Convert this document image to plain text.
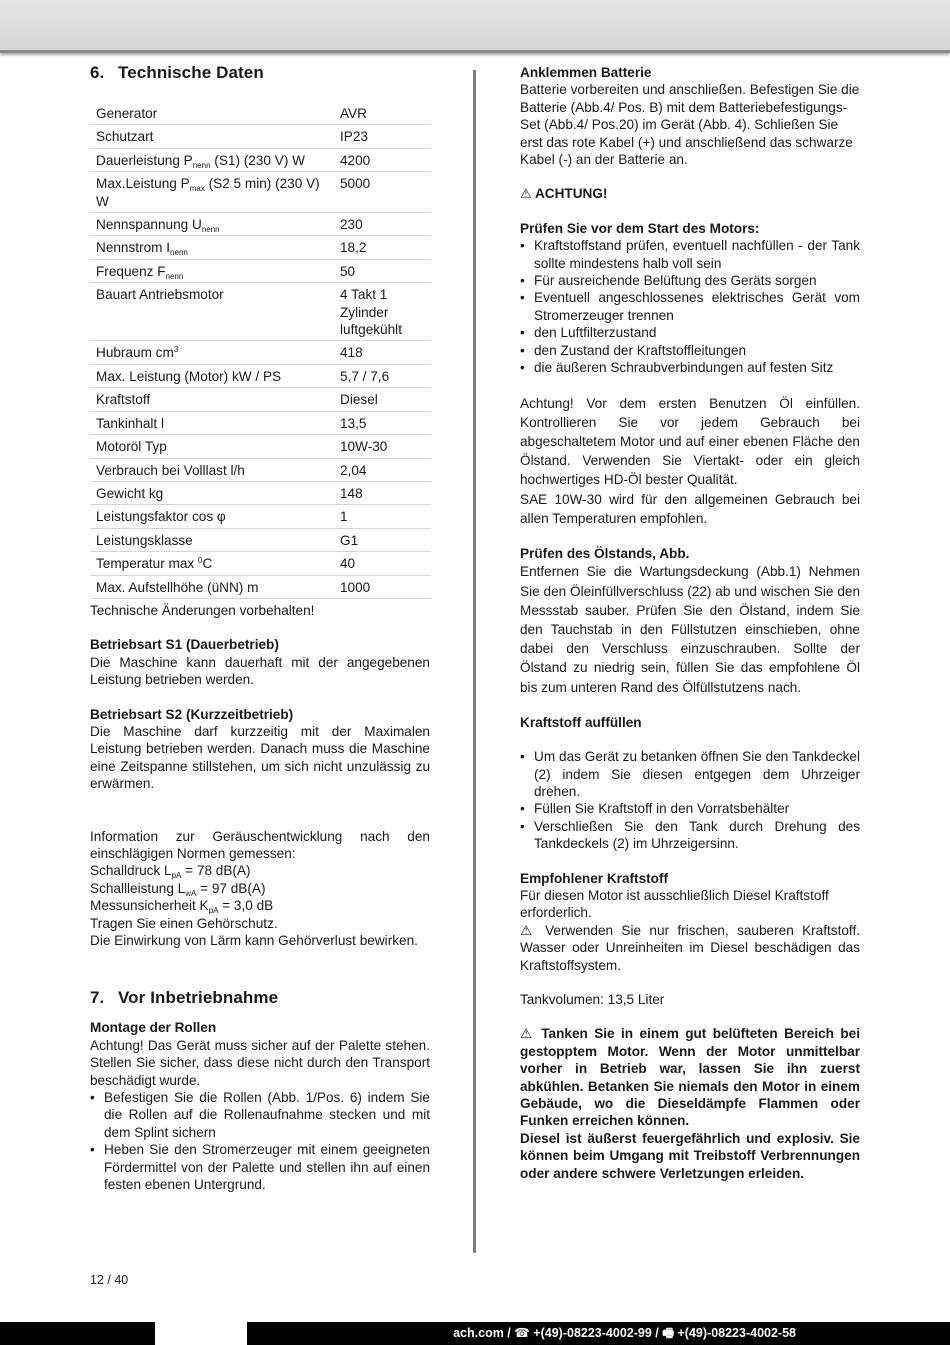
6. Technische Daten
Generator	AVR
Schutzart	IP23
Dauerleistung $P_{nenn}$ (S1) (230 V) W	4200
Max.Leistung $P_{max}$ (S2 5 min) (230 V) W	5000
Nennspannung $U_{nenn}$	230
Nennstrom $I_{nenn}$	18,2
Frequenz $F_{nenn}$	50
Bauart Antriebsmotor	4 Takt 1 Zylinder luftgekühlt
Hubraum $cm^3$	418
Max. Leistung (Motor) kW / PS	5,7 / 7,6
Kraftstoff	Diesel
Tankinhalt l	13,5
Motoröl Typ	10W-30
Verbrauch bei Volllast l/h	2,04
Gewicht kg	148
Leistungsfaktor cos φ	1
Leistungsklasse	G1
Temperatur max $^0$C	40
Max. Aufstellhöhe (üNN) m	1000

Technische Änderungen vorbehalten!

Betriebsart S1 (Dauerbetrieb)

Die Maschine kann dauerhaft mit der angegebenen Leistung betrieben werden.

Betriebsart S2 (Kurzzeitbetrieb)

Die Maschine darf kurzzeitig mit der Maximalen Leistung betrieben werden. Danach muss die Maschine eine Zeitspanne stillstehen, um sich nicht unzulässig zu erwärmen.

Information zur Geräuschentwicklung nach den einschlägigen Normen gemessen:

Schalldruck $L_{pA} = 78$ dB(A)

Schallleistung $L_{wA} = 97$ dB(A)

Messunsicherheit $K_{pA} = 3,0$ dB

Tragen Sie einen Gehörschutz.

Die Einwirkung von Lärm kann Gehörverlust bewirken.

7. Vor Inbetriebnahme

Montage der Rollen

Achtung! Das Gerät muss sicher auf der Palette stehen. Stellen Sie sicher, dass diese nicht durch den Transport beschädigt wurde.

• Befestigen Sie die Rollen (Abb. 1/Pos. 6) indem Sie die Rollen auf die Rollenaufnahme stecken und mit dem Splint sichern
• Heben Sie den Stromerzeuger mit einem geeigneten Fördermittel von der Palette und stellen ihn auf einen festen ebenen Untergrund.

Anklemmen Batterie

Batterie vorbereiten und anschließen. Befestigen Sie die Batterie (Abb.4/ Pos. B) mit dem Batteriebefestigungs-Set (Abb.4/ Pos.20) im Gerät (Abb. 4). Schließen Sie erst das rote Kabel (+) und anschließend das schwarze Kabel (-) an der Batterie an.

⚠ ACHTUNG!

Prüfen Sie vor dem Start des Motors:

• Kraftstoffstand prüfen, eventuell nachfüllen - der Tank sollte mindestens halb voll sein
• Für ausreichende Belüftung des Geräts sorgen
• Eventuell angeschlossenes elektrisches Gerät vom Stromerzeuger trennen
• den Luftfilterzustand
• den Zustand der Kraftstoffleitungen
• die äußeren Schraubverbindungen auf festen Sitz

Achtung! Vor dem ersten Benutzen Öl einfüllen. Kontrollieren Sie vor jedem Gebrauch bei abgeschaltetem Motor und auf einer ebenen Fläche den Ölstand. Verwenden Sie Viertakt- oder ein gleich hochwertiges HD-Öl bester Qualität.

SAE 10W-30 wird für den allgemeinen Gebrauch bei allen Temperaturen empfohlen.

Prüfen des Ölstands, Abb.

Entfernen Sie die Wartungsdeckung (Abb.1) Nehmen Sie den Öleinfüllverschluss (22) ab und wischen Sie den Messstab sauber. Prüfen Sie den Ölstand, indem Sie den Tauchstab in den Füllstutzen einschieben, ohne dabei den Verschluss einzuschrauben. Sollte der Ölstand zu niedrig sein, füllen Sie das empfohlene Öl bis zum unteren Rand des Ölfüllstutzens nach.

Kraftstoff auffüllen

• Um das Gerät zu betanken öffnen Sie den Tankdeckel (2) indem Sie diesen entgegen dem Uhrzeiger drehen.
• Füllen Sie Kraftstoff in den Vorratsbehälter
• Verschließen Sie den Tank durch Drehung des Tankdeckels (2) im Uhrzeigersinn.

Empfohlener Kraftstoff

Für diesen Motor ist ausschließlich Diesel Kraftstoff erforderlich.

⚠ Verwenden Sie nur frischen, sauberen Kraftstoff. Wasser oder Unreinheiten im Diesel beschädigen das Kraftstoffsystem.

Tankvolumen: 13,5 Liter

⚠ Tanken Sie in einem gut belüfteten Bereich bei gestopptem Motor. Wenn der Motor unmittelbar vorher in Betrieb war, lassen Sie ihn zuerst abkühlen. Betanken Sie niemals den Motor in einem Gebäude, wo die Dieseldämpfe Flammen oder Funken erreichen können.

Diesel ist äußerst feuergefährlich und explosiv. Sie können beim Umgang mit Treibstoff Verbrennungen oder andere schwere Verletzungen erleiden.

12 / 40
ach.com / ☎ +(49)-08223-4002-99 / 🖷 +(49)-08223-4002-58
